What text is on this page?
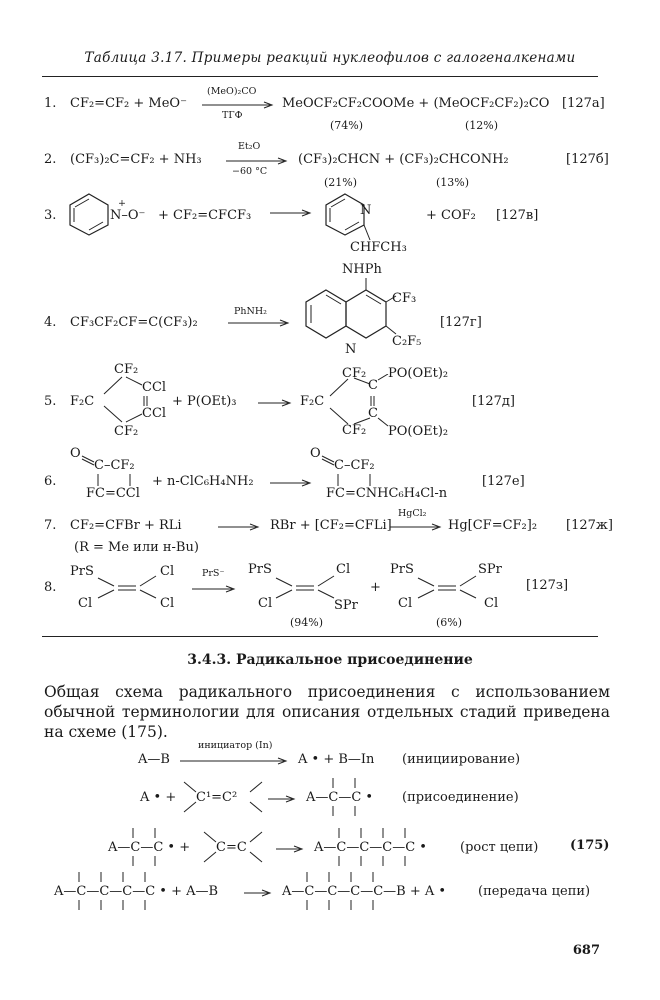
Таблица 3.17. Примеры реакций нуклеофилов с галогеналкенами
1. CF₂=CF₂ + MeO⁻
(MeO)₂CO
ТГФ
MeOCF₂CF₂COOMe + (MeOCF₂CF₂)₂CO [127а]
(74%)	(12%)
2. (CF₃)₂C=CF₂ + NH₃
Et₂O
−60 °C
→ (CF₃)₂CHCN + (CF₃)₂CHCONH₂	[127б]
(21%)	(13%)
3.
+
N–O⁻ + CF₂=CFCF₃ →	N
CHFCH₃
+ COF₂ [127в]
4. CF₃CF₂CF=C(CF₃)₂
PhNH₂
NHPh
CF₃
C₂F₅
N
[127г]
5.
CF₂
F₂C
CCl
CCl
CF₂
+ P(OEt)₃ →
CF₂
F₂C
C
C
CF₂
PO(OEt)₂
PO(OEt)₂
[127д]
6.
O
C–CF₂
FC=CCl
+ n-ClC₆H₄NH₂ →
O
C–CF₂
FC=CNHC₆H₄Cl-n
[127е]
7. CF₂=CFBr + RLi → RBr + [CF₂=CFLi]
HgCl₂
→ Hg[CF=CF₂]₂ [127ж]
(R = Me или н-Bu)
8.
PrS	Cl
Cl	Cl
PrS⁻ PrS	Cl
Cl	SPr
+
PrS	SPr
Cl	Cl
[127з]
(94%)	(6%)
3.4.3. Радикальное присоединение
Общая схема радикального присоединения с использованием обычной терминологии для описания отдельных стадий приведена на схеме (175).
A—B
инициатор (In)
A • + B—In (инициирование)
A • + C¹=C² → A—C—C • (присоединение)
A—C—C • + C=C → A—C—C—C—C •	(рост цепи) (175)
A—C—C—C—C • + A—B → A—C—C—C—C—B + A • (передача цепи)
687
